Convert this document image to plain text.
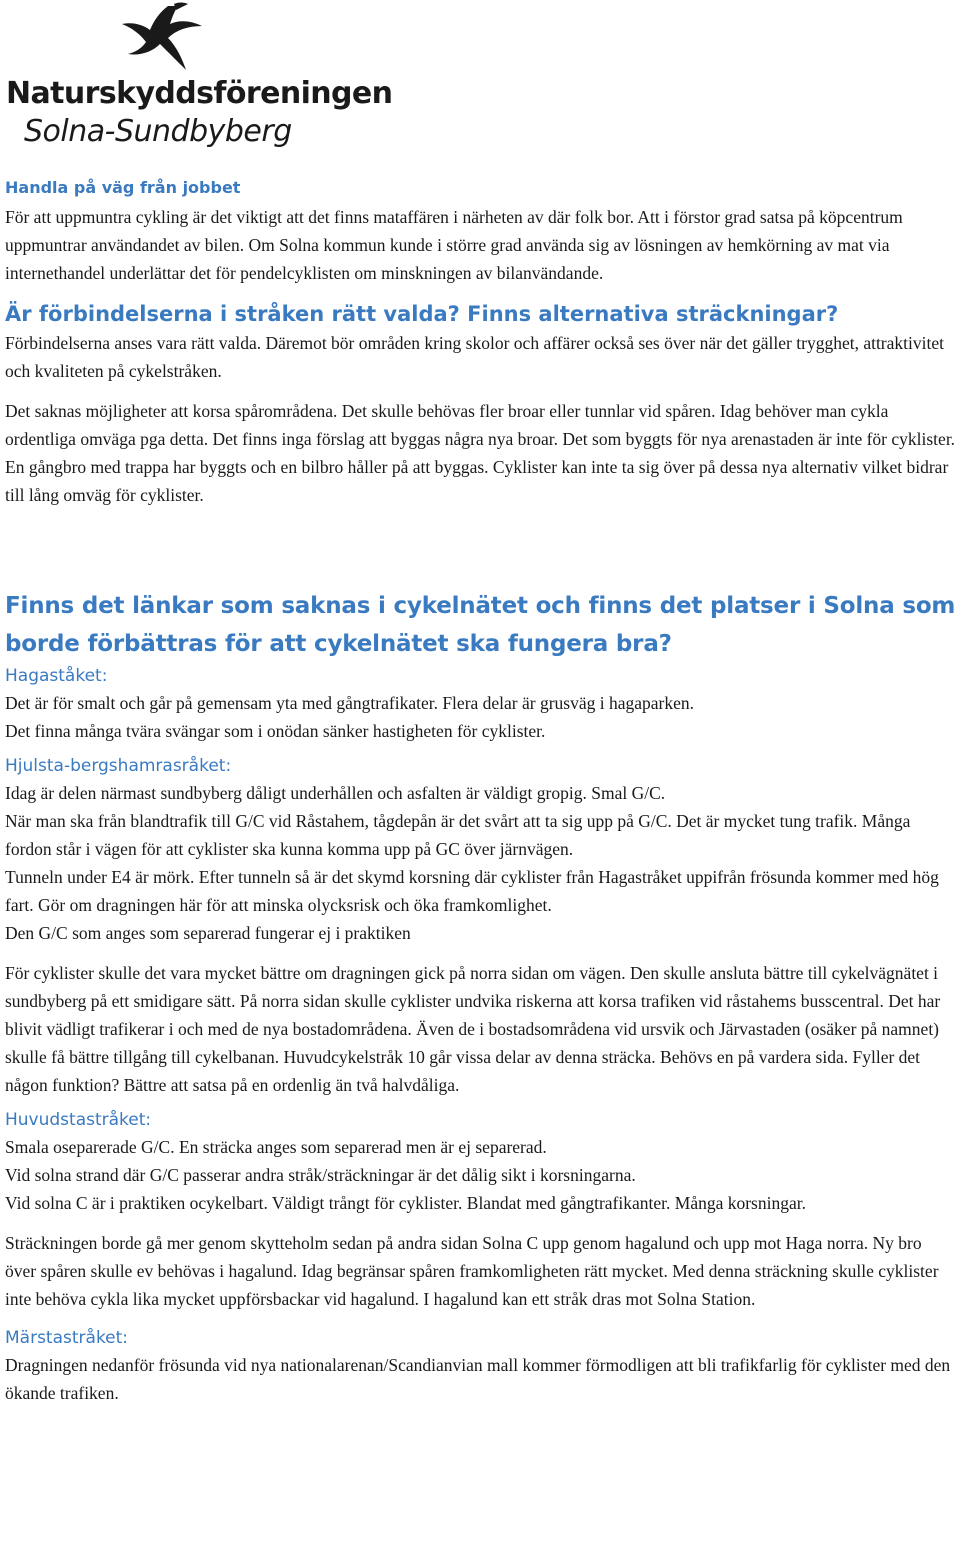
Naturskyddsföreningen
Solna-Sundbyberg
Handla på väg från jobbet

För att uppmuntra cykling är det viktigt att det finns mataffären i närheten av där folk bor. Att i förstor grad satsa på köpcentrum uppmuntrar användandet av bilen. Om Solna kommun kunde i större grad använda sig av lösningen av hemkörning av mat via internethandel underlättar det för pendelcyklisten om minskningen av bilanvändande.

Är förbindelserna i stråken rätt valda? Finns alternativa sträckningar?

Förbindelserna anses vara rätt valda. Däremot bör områden kring skolor och affärer också ses över när det gäller trygghet, attraktivitet och kvaliteten på cykelstråken.

Det saknas möjligheter att korsa spårområdena. Det skulle behövas fler broar eller tunnlar vid spåren. Idag behöver man cykla ordentliga omväga pga detta. Det finns inga förslag att byggas några nya broar. Det som byggts för nya arenastaden är inte för cyklister. En gångbro med trappa har byggts och en bilbro håller på att byggas. Cyklister kan inte ta sig över på dessa nya alternativ vilket bidrar till lång omväg för cyklister.

Finns det länkar som saknas i cykelnätet och finns det platser i Solna som borde förbättras för att cykelnätet ska fungera bra?
Hagaståket:

Det är för smalt och går på gemensam yta med gångtrafikater. Flera delar är grusväg i hagaparken.

Det finna många tvära svängar som i onödan sänker hastigheten för cyklister.

Hjulsta-bergshamrasråket:

Idag är delen närmast sundbyberg dåligt underhållen och asfalten är väldigt gropig. Smal G/C.

När man ska från blandtrafik till G/C vid Råstahem, tågdepån är det svårt att ta sig upp på G/C. Det är mycket tung trafik. Många fordon står i vägen för att cyklister ska kunna komma upp på GC över järnvägen.

Tunneln under E4 är mörk. Efter tunneln så är det skymd korsning där cyklister från Hagastråket uppifrån frösunda kommer med hög fart. Gör om dragningen här för att minska olycksrisk och öka framkomlighet.

Den G/C som anges som separerad fungerar ej i praktiken

För cyklister skulle det vara mycket bättre om dragningen gick på norra sidan om vägen. Den skulle ansluta bättre till cykelvägnätet i sundbyberg på ett smidigare sätt. På norra sidan skulle cyklister undvika riskerna att korsa trafiken vid råstahems busscentral. Det har blivit vädligt trafikerar i och med de nya bostadområdena. Även de i bostadsområdena vid ursvik och Järvastaden (osäker på namnet) skulle få bättre tillgång till cykelbanan. Huvudcykelstråk 10 går vissa delar av denna sträcka. Behövs en på vardera sida. Fyller det någon funktion? Bättre att satsa på en ordenlig än två halvdåliga.

Huvudstastråket:

Smala oseparerade G/C. En sträcka anges som separerad men är ej separerad.

Vid solna strand där G/C passerar andra stråk/sträckningar är det dålig sikt i korsningarna.

Vid solna C är i praktiken ocykelbart. Väldigt trångt för cyklister. Blandat med gångtrafikanter. Många korsningar.

Sträckningen borde gå mer genom skytteholm sedan på andra sidan Solna C upp genom hagalund och upp mot Haga norra. Ny bro över spåren skulle ev behövas i hagalund. Idag begränsar spåren framkomligheten rätt mycket. Med denna sträckning skulle cyklister inte behöva cykla lika mycket uppförsbackar vid hagalund. I hagalund kan ett stråk dras mot Solna Station.

Märstastråket:

Dragningen nedanför frösunda vid nya nationalarenan/Scandianvian mall kommer förmodligen att bli trafikfarlig för cyklister med den ökande trafiken.
